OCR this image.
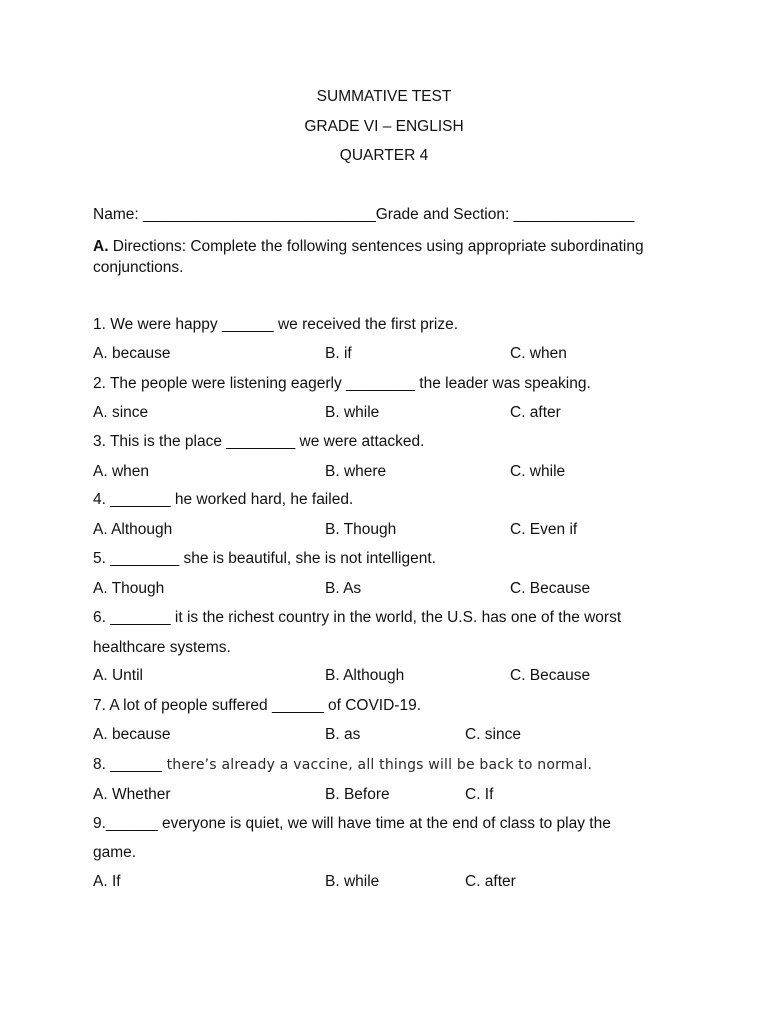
SUMMATIVE TEST
GRADE VI – ENGLISH
QUARTER 4
Name: ___________________________Grade and Section: ______________
A. Directions: Complete the following sentences using appropriate subordinating conjunctions.
1. We were happy ______ we received the first prize.
A. because	B. if	C. when
2. The people were listening eagerly ________ the leader was speaking.
A. since	B. while	C. after
3. This is the place ________ we were attacked.
A. when	B. where	C. while
4. _______ he worked hard, he failed.
A. Although	B. Though	C. Even if
5. ________ she is beautiful, she is not intelligent.
A. Though	B. As	C. Because
6. _______ it is the richest country in the world, the U.S. has one of the worst
healthcare systems.
A. Until	B. Although	C. Because
7. A lot of people suffered ______ of COVID-19.
A. because	B. as	C. since
8. ______ there’s already a vaccine, all things will be back to normal.
A. Whether	B. Before	C. If
9.______ everyone is quiet, we will have time at the end of class to play the
game.
A. If	B. while	C. after
